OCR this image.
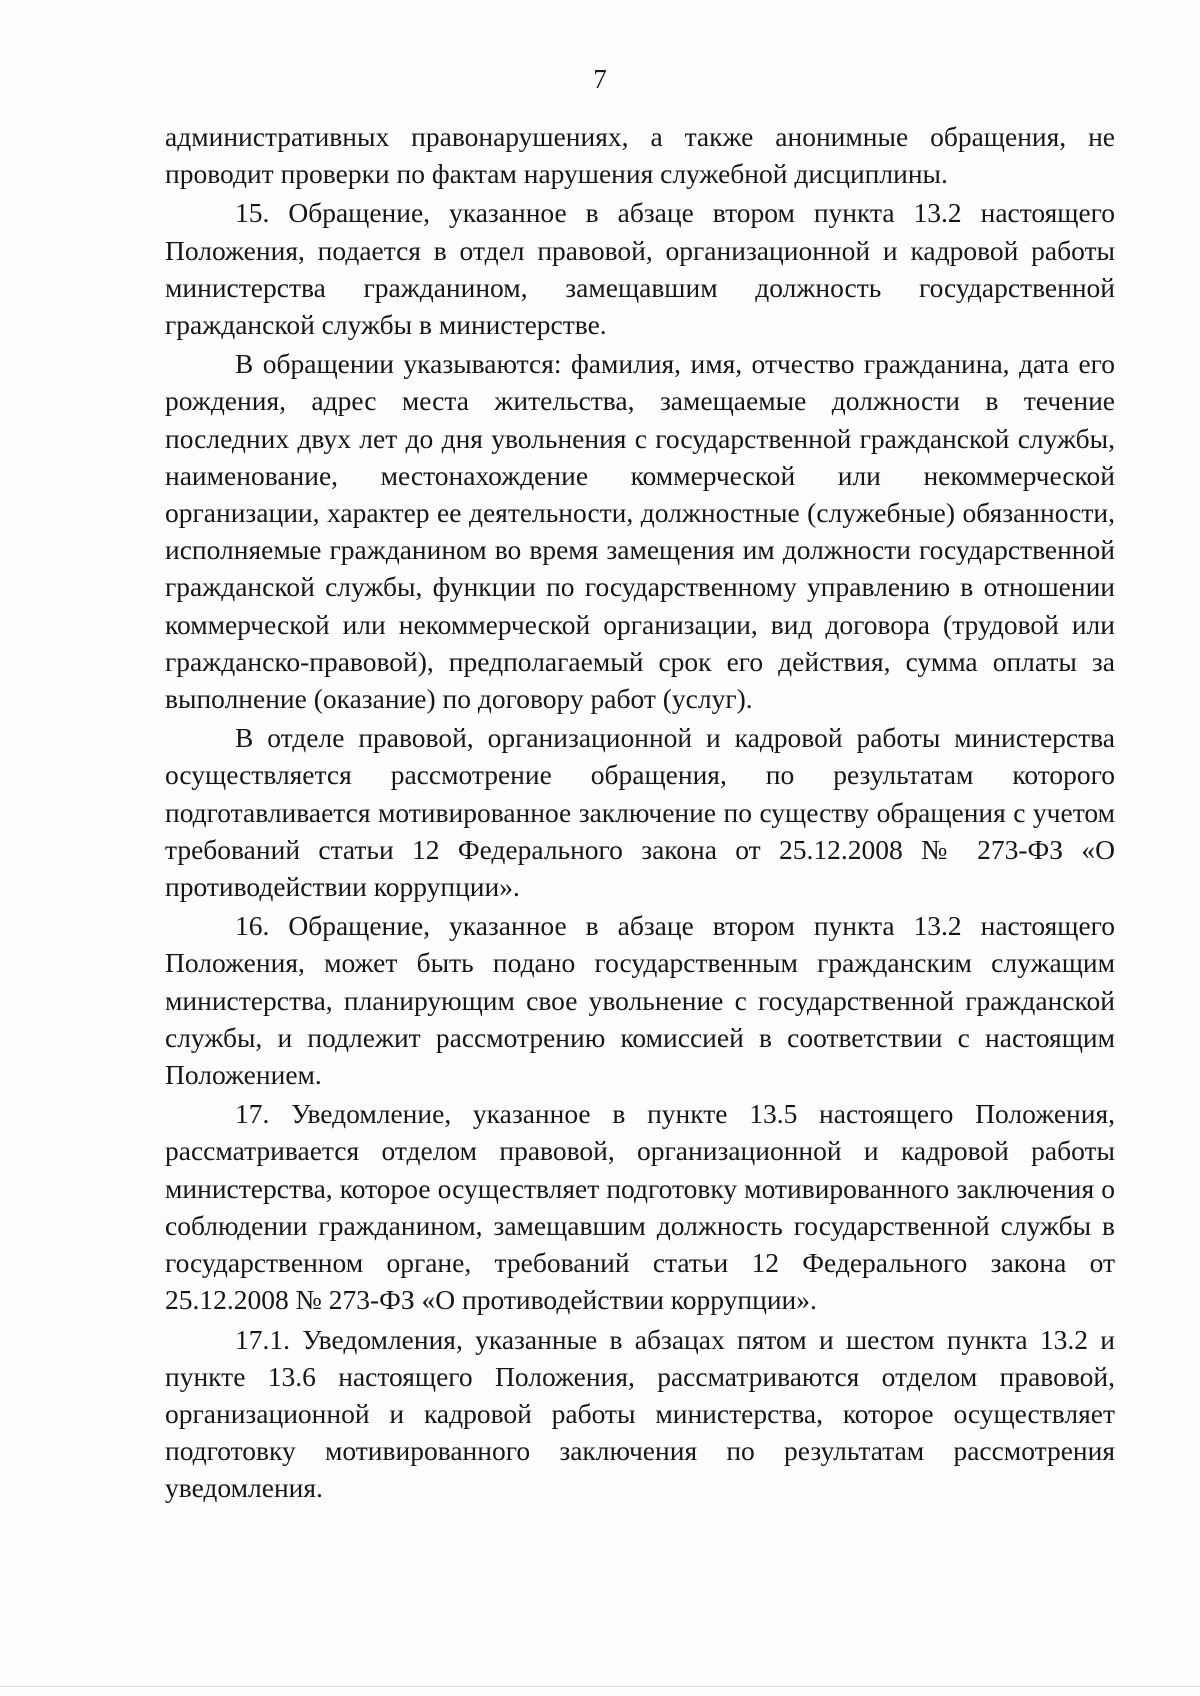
7

административных правонарушениях, а также анонимные обращения, не проводит проверки по фактам нарушения служебной дисциплины.

15. Обращение, указанное в абзаце втором пункта 13.2 настоящего Положения, подается в отдел правовой, организационной и кадровой работы министерства гражданином, замещавшим должность государственной гражданской службы в министерстве.

В обращении указываются: фамилия, имя, отчество гражданина, дата его рождения, адрес места жительства, замещаемые должности в течение последних двух лет до дня увольнения с государственной гражданской службы, наименование, местонахождение коммерческой или некоммерческой организации, характер ее деятельности, должностные (служебные) обязанности, исполняемые гражданином во время замещения им должности государственной гражданской службы, функции по государственному управлению в отношении коммерческой или некоммерческой организации, вид договора (трудовой или гражданско-правовой), предполагаемый срок его действия, сумма оплаты за выполнение (оказание) по договору работ (услуг).

В отделе правовой, организационной и кадровой работы министерства осуществляется рассмотрение обращения, по результатам которого подготавливается мотивированное заключение по существу обращения с учетом требований статьи 12 Федерального закона от 25.12.2008 № 273-ФЗ «О противодействии коррупции».

16. Обращение, указанное в абзаце втором пункта 13.2 настоящего Положения, может быть подано государственным гражданским служащим министерства, планирующим свое увольнение с государственной гражданской службы, и подлежит рассмотрению комиссией в соответствии с настоящим Положением.

17. Уведомление, указанное в пункте 13.5 настоящего Положения, рассматривается отделом правовой, организационной и кадровой работы министерства, которое осуществляет подготовку мотивированного заключения о соблюдении гражданином, замещавшим должность государственной службы в государственном органе, требований статьи 12 Федерального закона от 25.12.2008 № 273-ФЗ «О противодействии коррупции».

17.1. Уведомления, указанные в абзацах пятом и шестом пункта 13.2 и пункте 13.6 настоящего Положения, рассматриваются отделом правовой, организационной и кадровой работы министерства, которое осуществляет подготовку мотивированного заключения по результатам рассмотрения уведомления.
